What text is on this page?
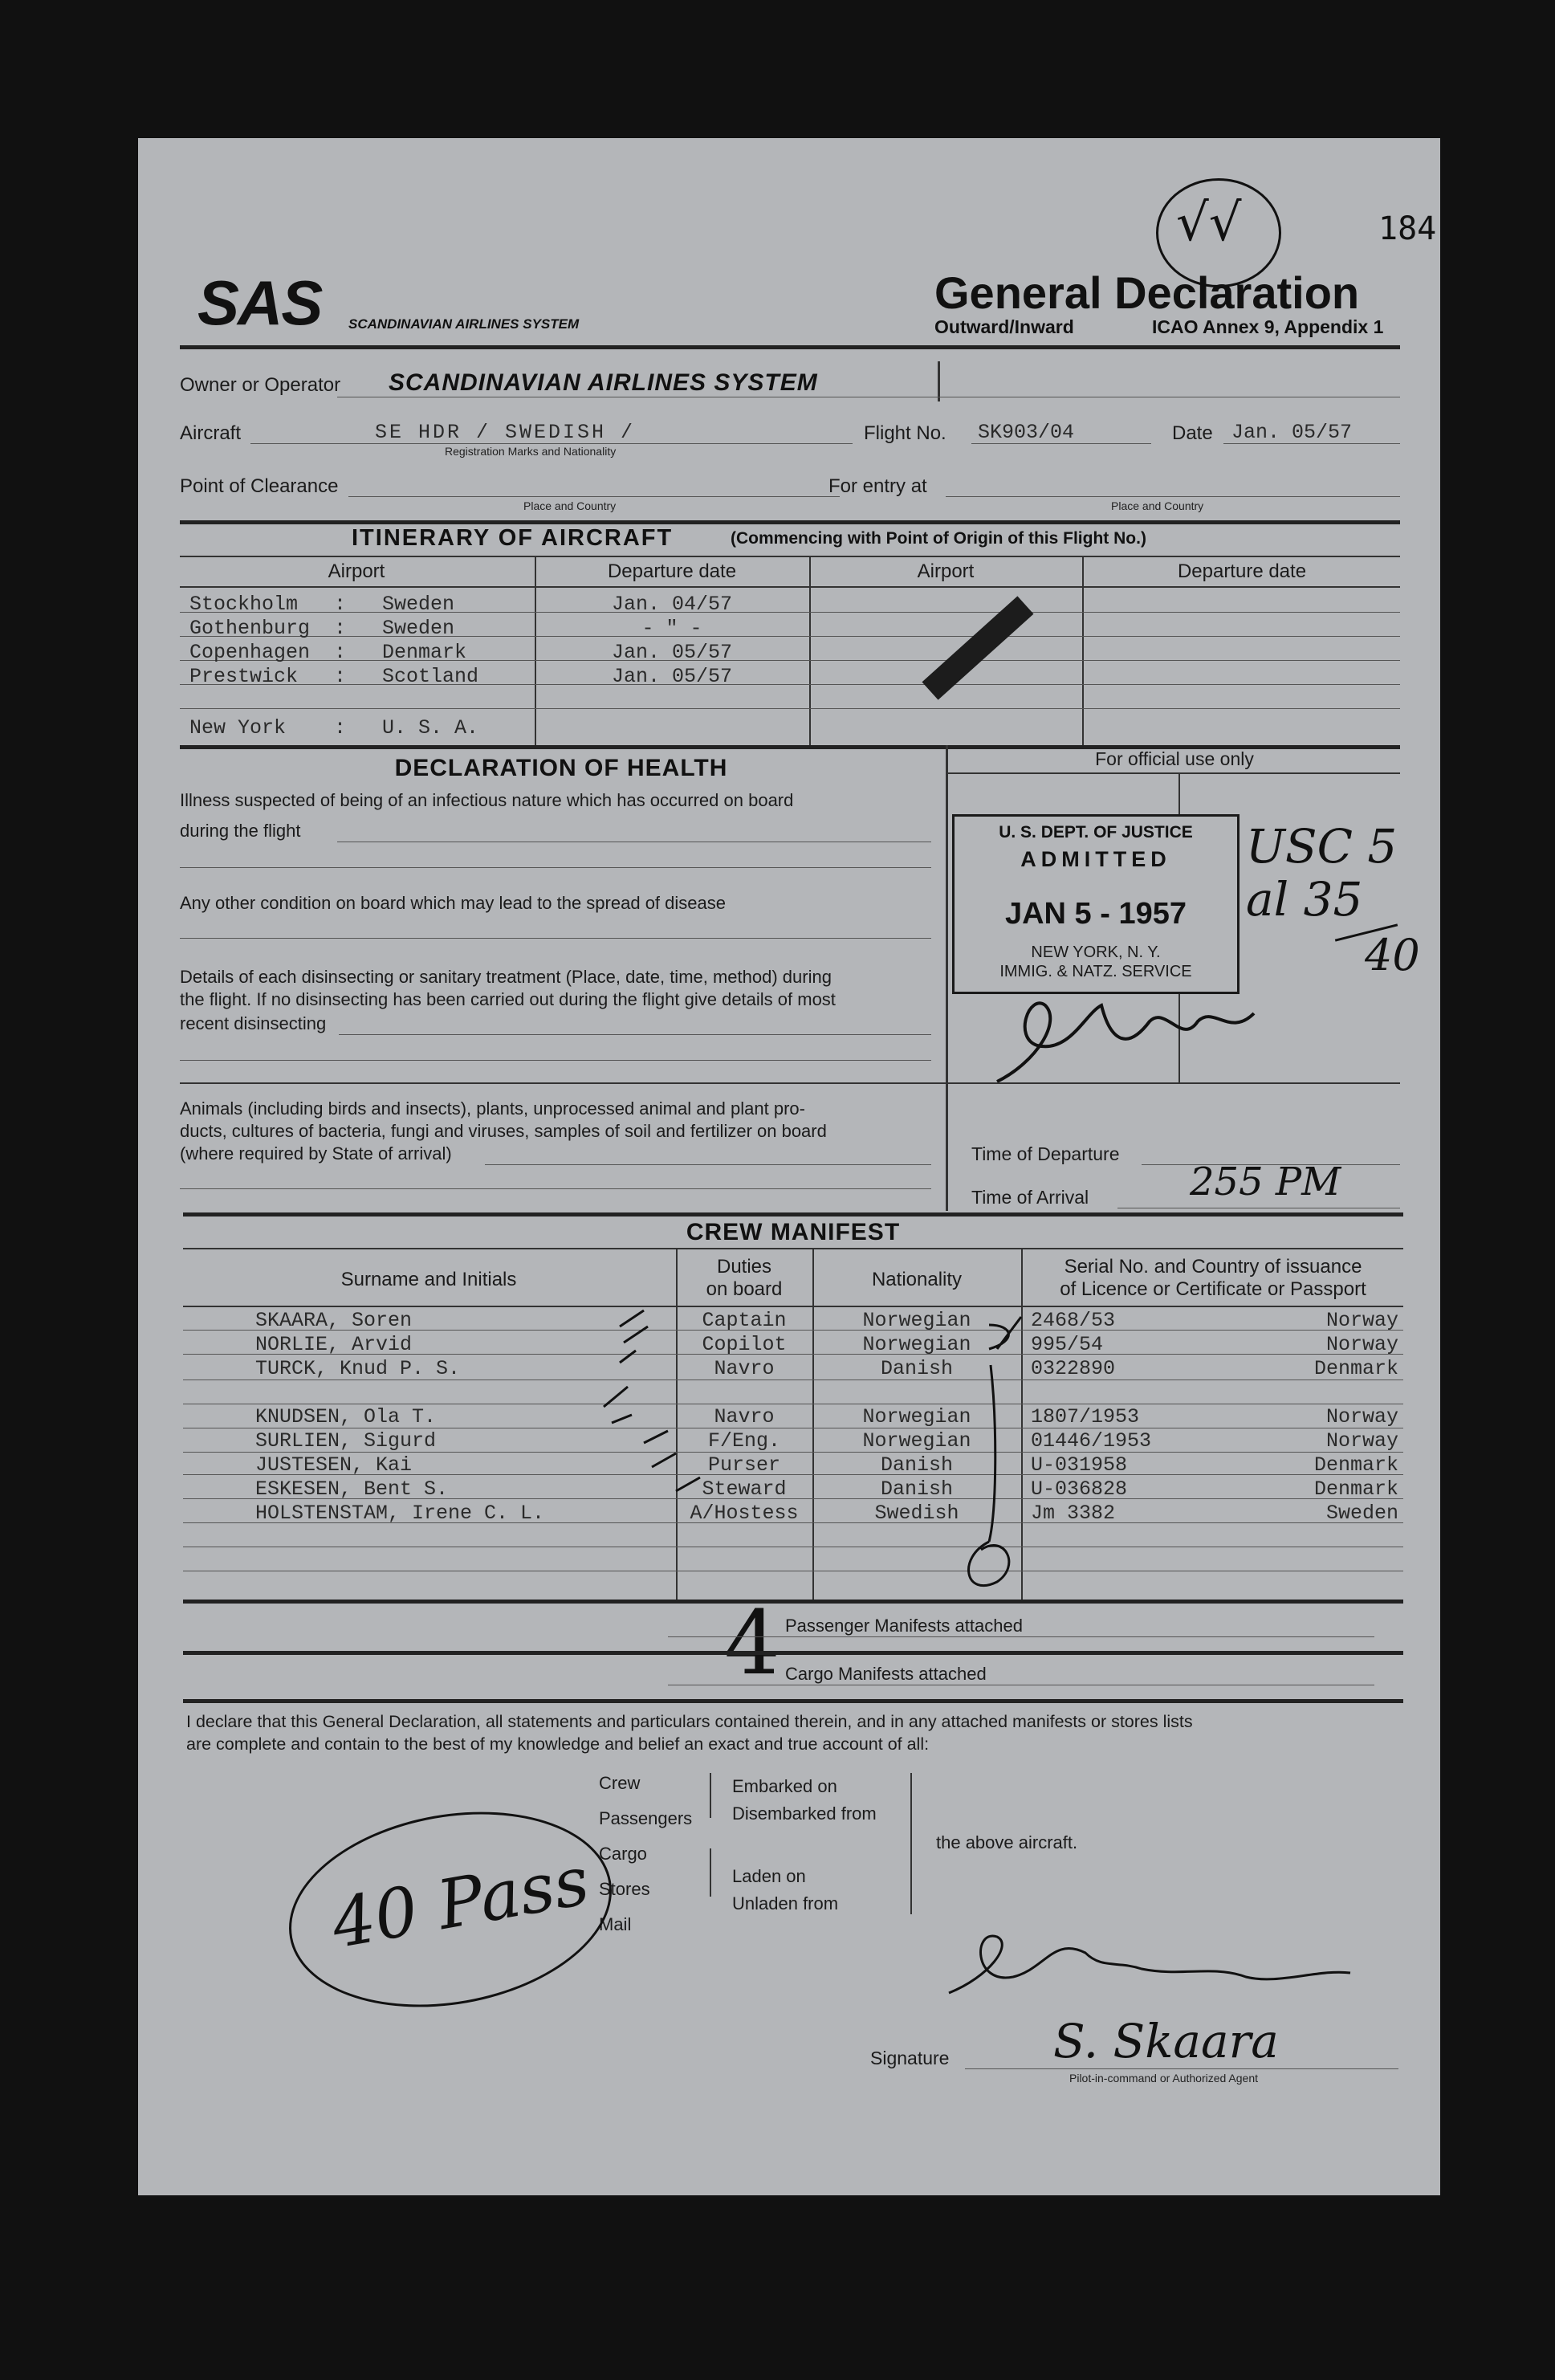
184
√√
SAS SCANDINAVIAN AIRLINES SYSTEM
General Declaration
Outward/Inward	ICAO Annex 9, Appendix 1
Owner or Operator SCANDINAVIAN AIRLINES SYSTEM
Aircraft	SE HDR / SWEDISH /
Registration Marks and Nationality
Flight No. SK903/04	Date Jan. 05/57
Point of Clearance
Place and Country
For entry at
Place and Country
ITINERARY OF AIRCRAFT	(Commencing with Point of Origin of this Flight No.)
Airport	Departure date	Airport	Departure date
Stockholm   :   Sweden	Jan. 04/57
Gothenburg  :   Sweden	- " -
Copenhagen  :   Denmark	Jan. 05/57
Prestwick   :   Scotland	Jan. 05/57
New York    :   U. S. A.
DECLARATION OF HEALTH
Illness suspected of being of an infectious nature which has occurred on board
during the flight
Any other condition on board which may lead to the spread of disease
Details of each disinsecting or sanitary treatment (Place, date, time, method) during
the flight. If no disinsecting has been carried out during the flight give details of most
recent disinsecting
Animals (including birds and insects), plants, unprocessed animal and plant pro-
ducts, cultures of bacteria, fungi and viruses, samples of soil and fertilizer on board
(where required by State of arrival)
For official use only
U. S. DEPT. OF JUSTICE
ADMITTED
JAN 5 - 1957
NEW YORK, N. Y.
IMMIG. & NATZ. SERVICE
USC 5
al 35
40
Time of Departure
Time of Arrival	255 PM
CREW MANIFEST
Surname and Initials
Duties
on board	Nationality
Serial No. and Country of issuance
of Licence or Certificate or Passport
SKAARA, Soren	Captain	Norwegian	2468/53	Norway
NORLIE, Arvid	Copilot	Norwegian	995/54	Norway
TURCK, Knud P. S.	Navro	Danish	0322890	Denmark
KNUDSEN, Ola T.	Navro	Norwegian	1807/1953	Norway
SURLIEN, Sigurd	F/Eng.	Norwegian	01446/1953	Norway
JUSTESEN, Kai	Purser	Danish	U-031958	Denmark
ESKESEN, Bent S.	Steward	Danish	U-036828	Denmark
HOLSTENSTAM, Irene C. L.	A/Hostess	Swedish	Jm 3382	Sweden
4 Passenger Manifests attached
Cargo Manifests attached
I declare that this General Declaration, all statements and particulars contained therein, and in any attached manifests or stores lists
are complete and contain to the best of my knowledge and belief an exact and true account of all:
Crew
Passengers
Cargo
Stores
Mail
Embarked on
Disembarked from
Laden on
Unladen from
the above aircraft.
40 Pass

Signature S. Skaara
Pilot-in-command or Authorized Agent
